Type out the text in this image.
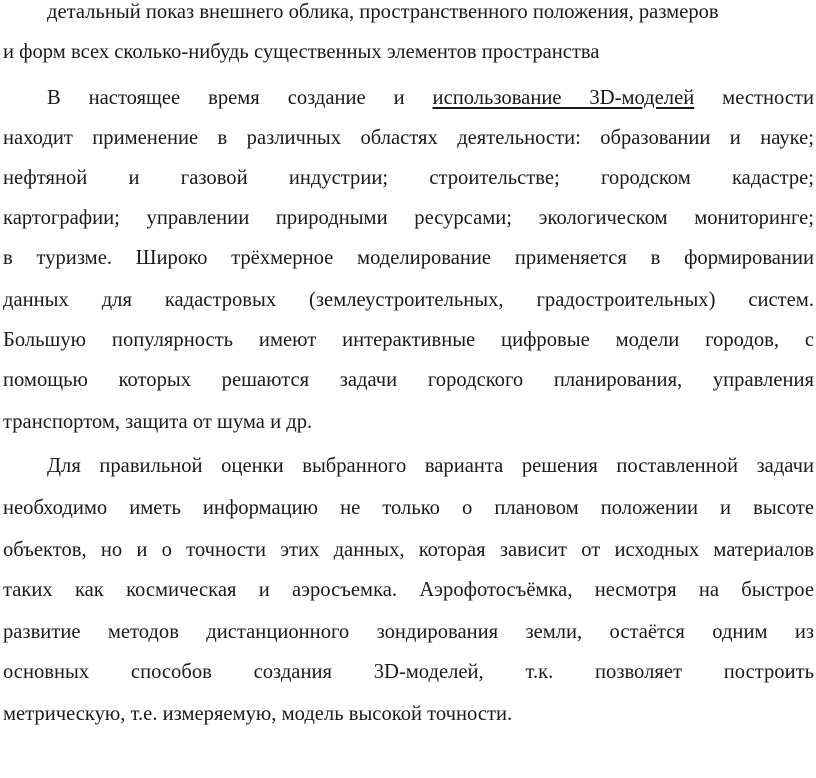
детальный показ внешнего облика, пространственного положения, размеров
и форм всех сколько-нибудь существенных элементов пространства
В настоящее время создание и использование 3D-моделей местности
находит применение в различных областях деятельности: образовании и науке;
нефтяной и газовой индустрии; строительстве; городском кадастре;
картографии; управлении природными ресурсами; экологическом мониторинге;
в туризме. Широко трёхмерное моделирование применяется в формировании
данных для кадастровых (землеустроительных, градостроительных) систем.
Большую популярность имеют интерактивные цифровые модели городов, с
помощью которых решаются задачи городского планирования, управления
транспортом, защита от шума и др.
Для правильной оценки выбранного варианта решения поставленной задачи
необходимо иметь информацию не только о плановом положении и высоте
объектов, но и о точности этих данных, которая зависит от исходных материалов
таких как космическая и аэросъемка. Аэрофотосъёмка, несмотря на быстрое
развитие методов дистанционного зондирования земли, остаётся одним из
основных способов создания 3D-моделей, т.к. позволяет построить
метрическую, т.е. измеряемую, модель высокой точности.
